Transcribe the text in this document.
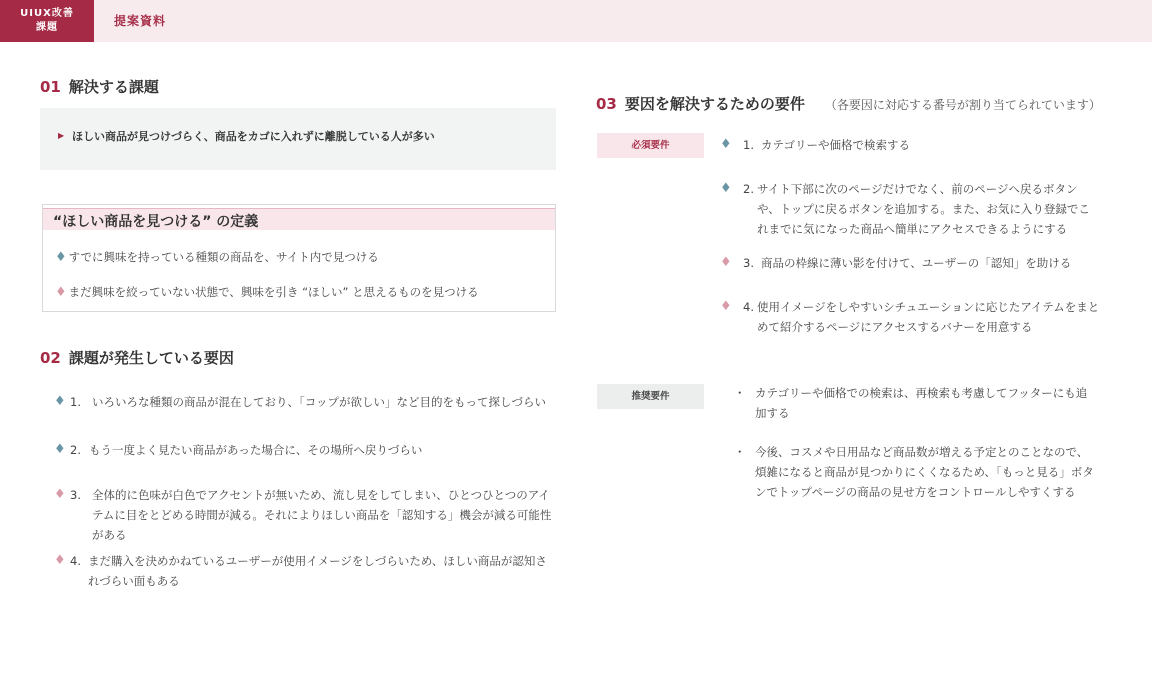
UIUX改善
課題	提案資料
01 解決する課題
▶ ほしい商品が見つけづらく、商品をカゴに入れずに離脱している人が多い
“ほしい商品を見つける” の定義
♦ すでに興味を持っている種類の商品を、サイト内で見つける
♦ まだ興味を絞っていない状態で、興味を引き “ほしい” と思えるものを見つける
02 課題が発生している要因
♦ 1. いろいろな種類の商品が混在しており、「コップが欲しい」など目的をもって探しづらい
♦ 2. もう一度よく見たい商品があった場合に、その場所へ戻りづらい
♦ 3. 全体的に色味が白色でアクセントが無いため、流し見をしてしまい、ひとつひとつのアイテムに目をとどめる時間が減る。それによりほしい商品を「認知する」機会が減る可能性がある
♦ 4. まだ購入を決めかねているユーザーが使用イメージをしづらいため、ほしい商品が認知されづらい面もある
03 要因を解決するための要件 （各要因に対応する番号が割り当てられています）
必須要件	♦ 1. カテゴリーや価格で検索する
♦ 2. サイト下部に次のページだけでなく、前のページへ戻るボタンや、トップに戻るボタンを追加する。また、お気に入り登録でこれまでに気になった商品へ簡単にアクセスできるようにする
♦ 3. 商品の枠線に薄い影を付けて、ユーザーの「認知」を助ける
♦ 4. 使用イメージをしやすいシチュエーションに応じたアイテムをまとめて紹介するページにアクセスするバナーを用意する
推奨要件	・ カテゴリーや価格での検索は、再検索も考慮してフッターにも追加する
・ 今後、コスメや日用品など商品数が増える予定とのことなので、煩雑になると商品が見つかりにくくなるため、「もっと見る」ボタンでトップページの商品の見せ方をコントロールしやすくする
